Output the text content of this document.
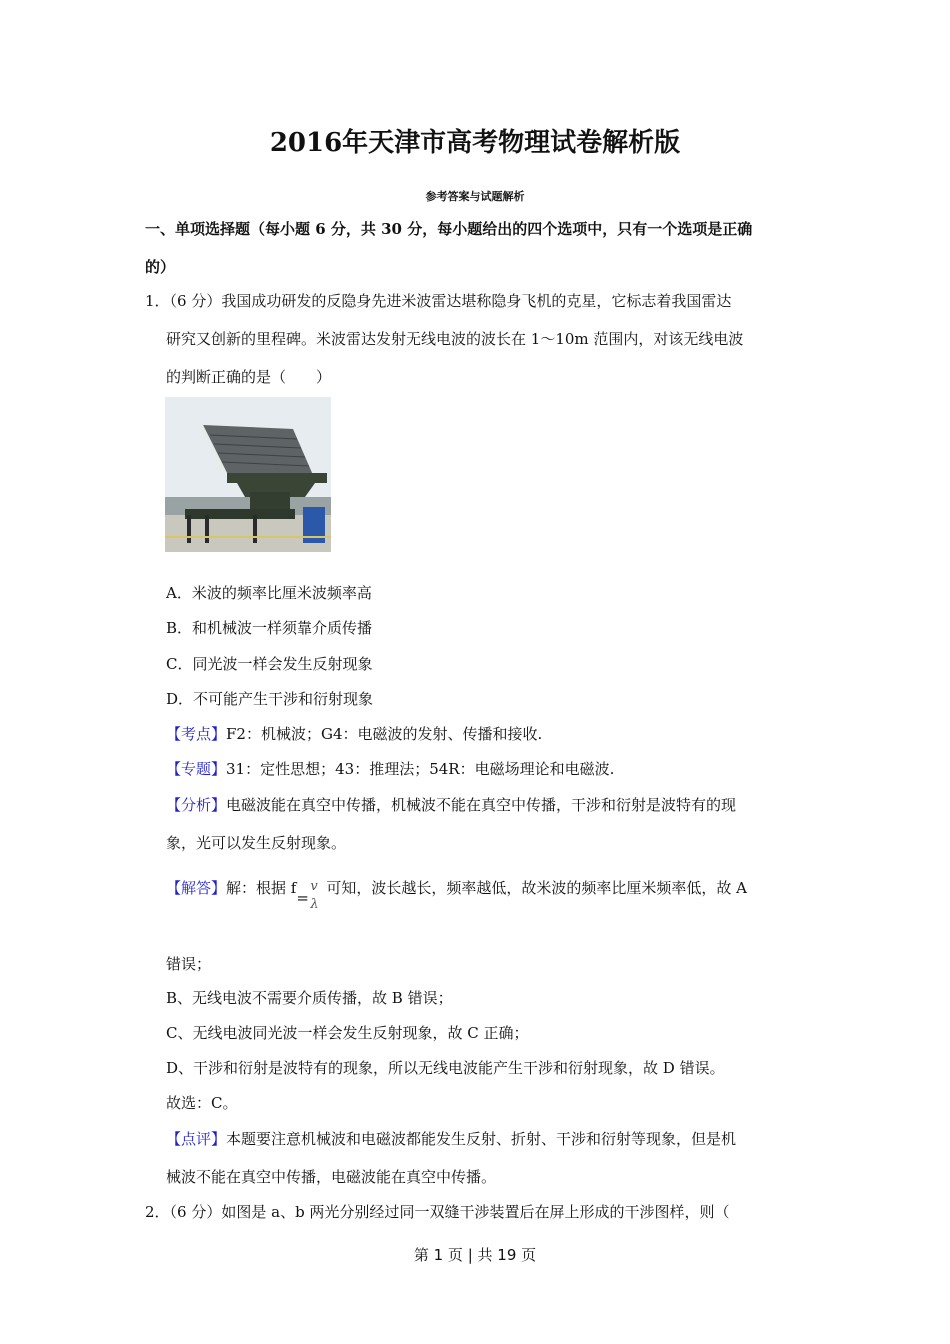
2016年天津市高考物理试卷解析版
参考答案与试题解析
一、单项选择题（每小题 6 分，共 30 分，每小题给出的四个选项中，只有一个选项是正确
的）
1．（6 分）我国成功研发的反隐身先进米波雷达堪称隐身飞机的克星，它标志着我国雷达
研究又创新的里程碑。米波雷达发射无线电波的波长在 1～10m 范围内，对该无线电波
的判断正确的是（　　）
A．米波的频率比厘米波频率高
B．和机械波一样须靠介质传播
C．同光波一样会发生反射现象
D．不可能产生干涉和衍射现象
【考点】F2：机械波；G4：电磁波的发射、传播和接收.
【专题】31：定性思想；43：推理法；54R：电磁场理论和电磁波.
【分析】电磁波能在真空中传播，机械波不能在真空中传播，干涉和衍射是波特有的现
象，光可以发生反射现象。
【解答】解：根据 f
=
v
λ
可知，波长越长，频率越低，故米波的频率比厘米频率低，故 A
错误；
B、无线电波不需要介质传播，故 B 错误；
C、无线电波同光波一样会发生反射现象，故 C 正确；
D、干涉和衍射是波特有的现象，所以无线电波能产生干涉和衍射现象，故 D 错误。
故选：C。
【点评】本题要注意机械波和电磁波都能发生反射、折射、干涉和衍射等现象，但是机
械波不能在真空中传播，电磁波能在真空中传播。
2．（6 分）如图是 a、b 两光分别经过同一双缝干涉装置后在屏上形成的干涉图样，则（
第 1 页 | 共 19 页
